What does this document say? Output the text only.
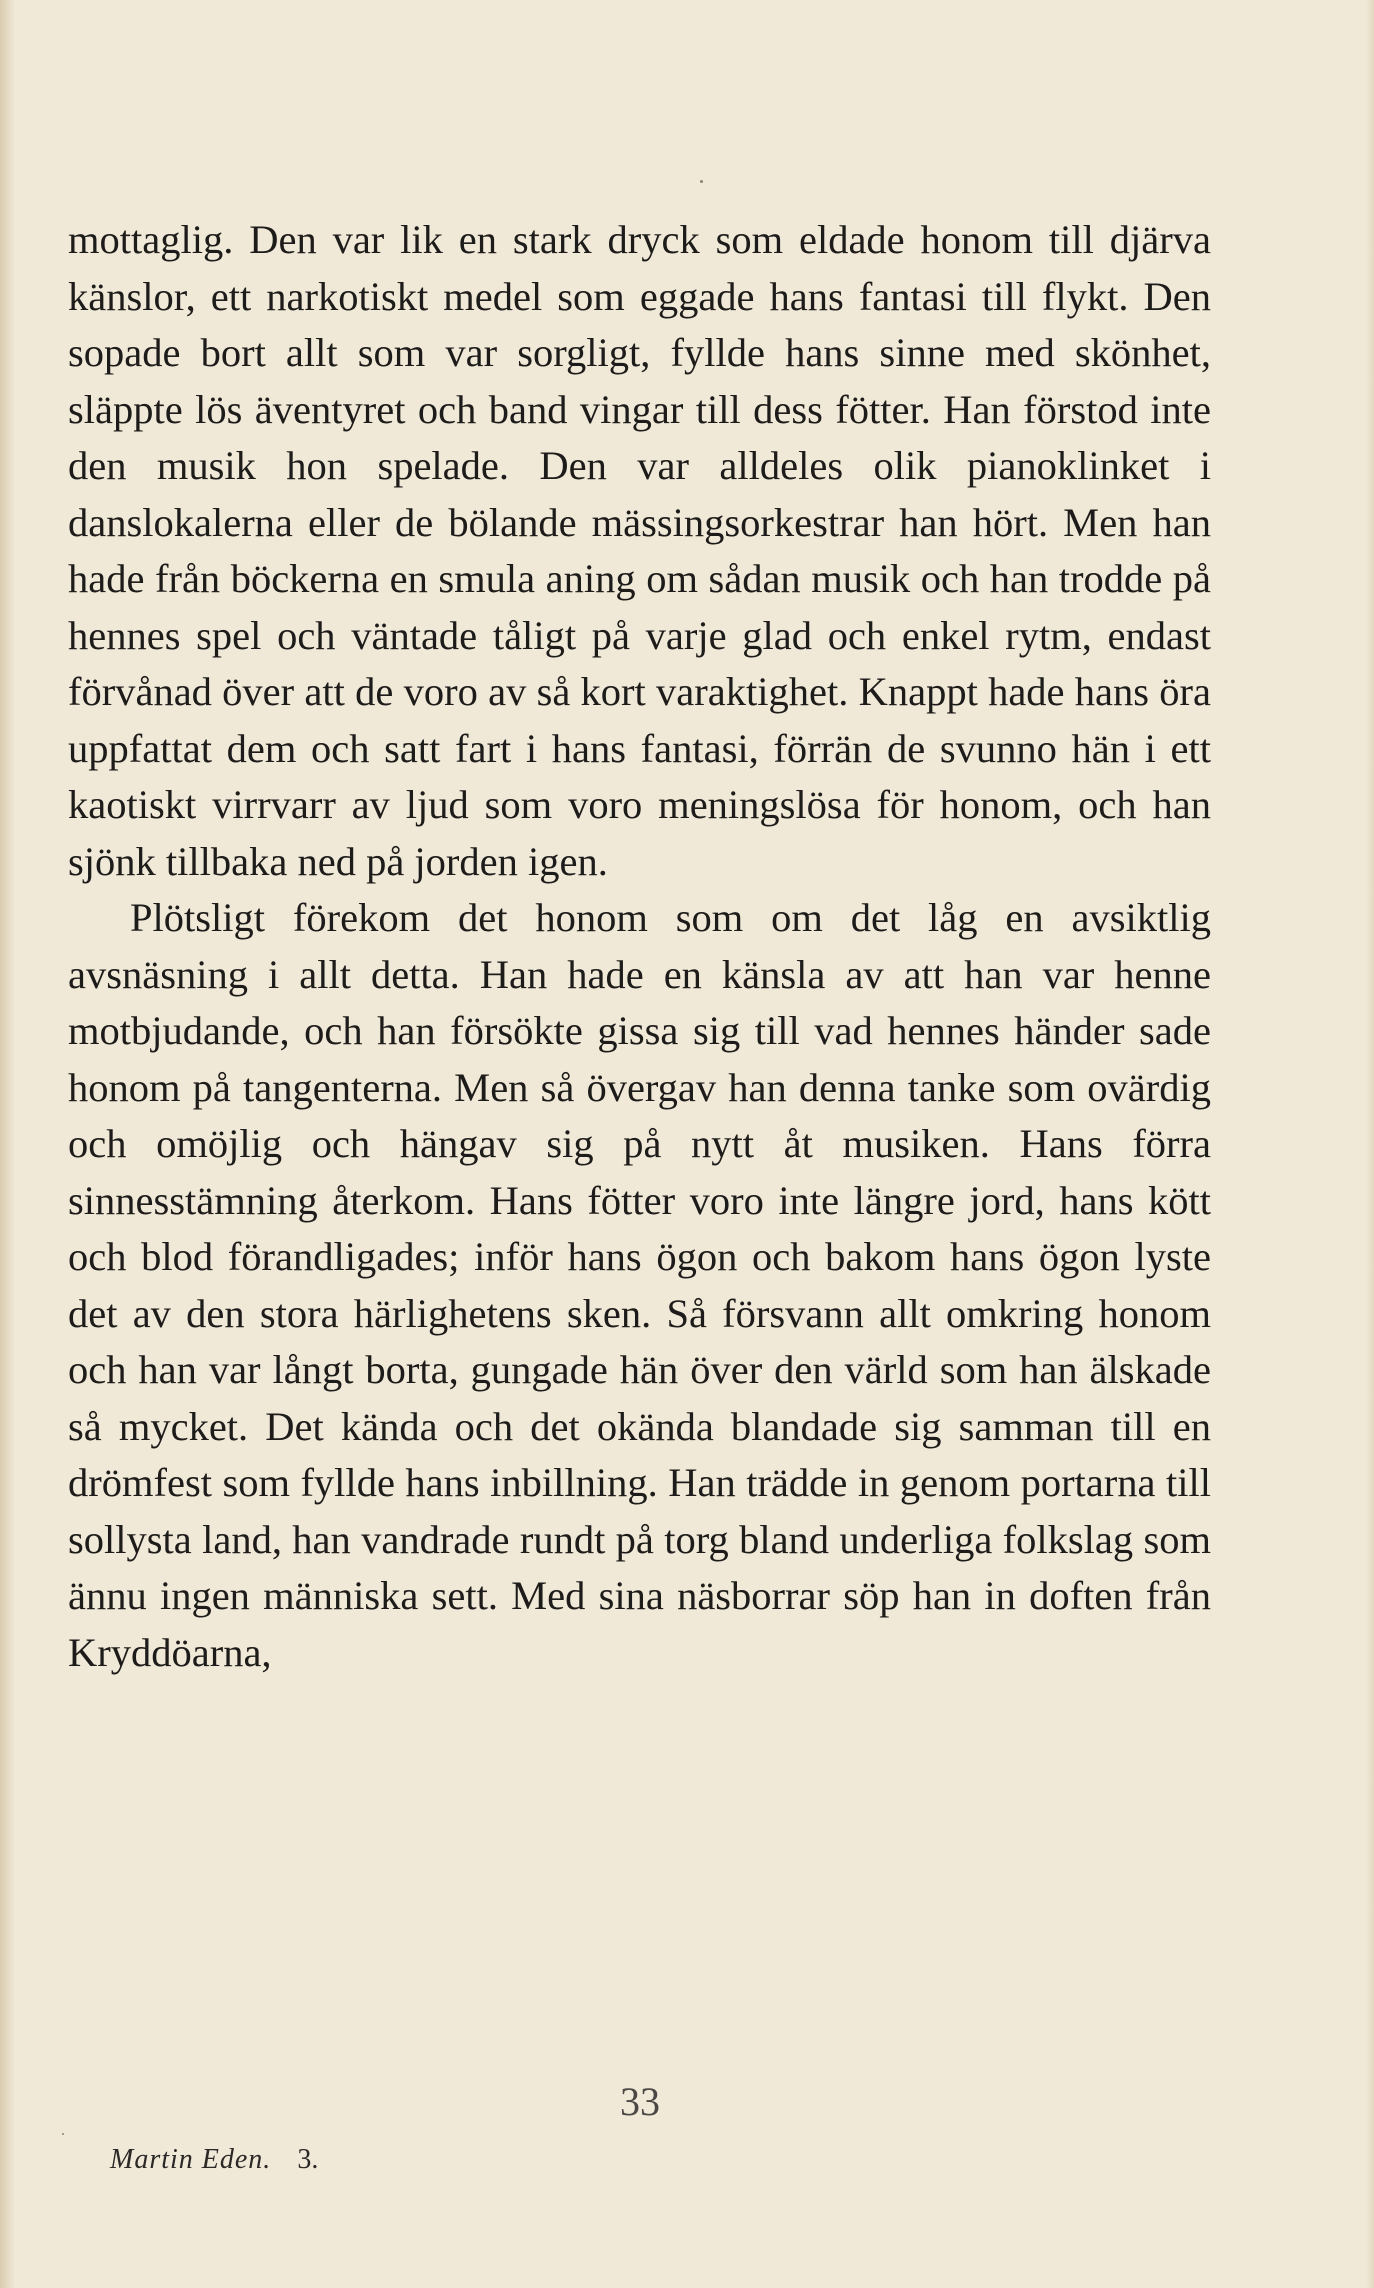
mottaglig. Den var lik en stark dryck som eldade honom till djärva känslor, ett narkotiskt medel som eggade hans fantasi till flykt. Den sopade bort allt som var sorgligt, fyllde hans sinne med skönhet, släppte lös äventyret och band vingar till dess fötter. Han förstod inte den musik hon spelade. Den var alldeles olik pianoklinket i danslokalerna eller de bölande mässingsorkestrar han hört. Men han hade från böckerna en smula aning om sådan musik och han trodde på hennes spel och väntade tåligt på varje glad och enkel rytm, endast förvånad över att de voro av så kort varaktighet. Knappt hade hans öra uppfattat dem och satt fart i hans fantasi, förrän de svunno hän i ett kaotiskt virrvarr av ljud som voro meningslösa för honom, och han sjönk tillbaka ned på jorden igen.

Plötsligt förekom det honom som om det låg en avsiktlig avsnäsning i allt detta. Han hade en känsla av att han var henne motbjudande, och han försökte gissa sig till vad hennes händer sade honom på tangenterna. Men så övergav han denna tanke som ovärdig och omöjlig och hängav sig på nytt åt musiken. Hans förra sinnesstämning återkom. Hans fötter voro inte längre jord, hans kött och blod förandligades; inför hans ögon och bakom hans ögon lyste det av den stora härlighetens sken. Så försvann allt omkring honom och han var långt borta, gungade hän över den värld som han älskade så mycket. Det kända och det okända blandade sig samman till en drömfest som fyllde hans inbillning. Han trädde in genom portarna till sollysta land, han vandrade rundt på torg bland underliga folkslag som ännu ingen människa sett. Med sina näsborrar söp han in doften från Kryddöarna,

33
Martin Eden. 3.
